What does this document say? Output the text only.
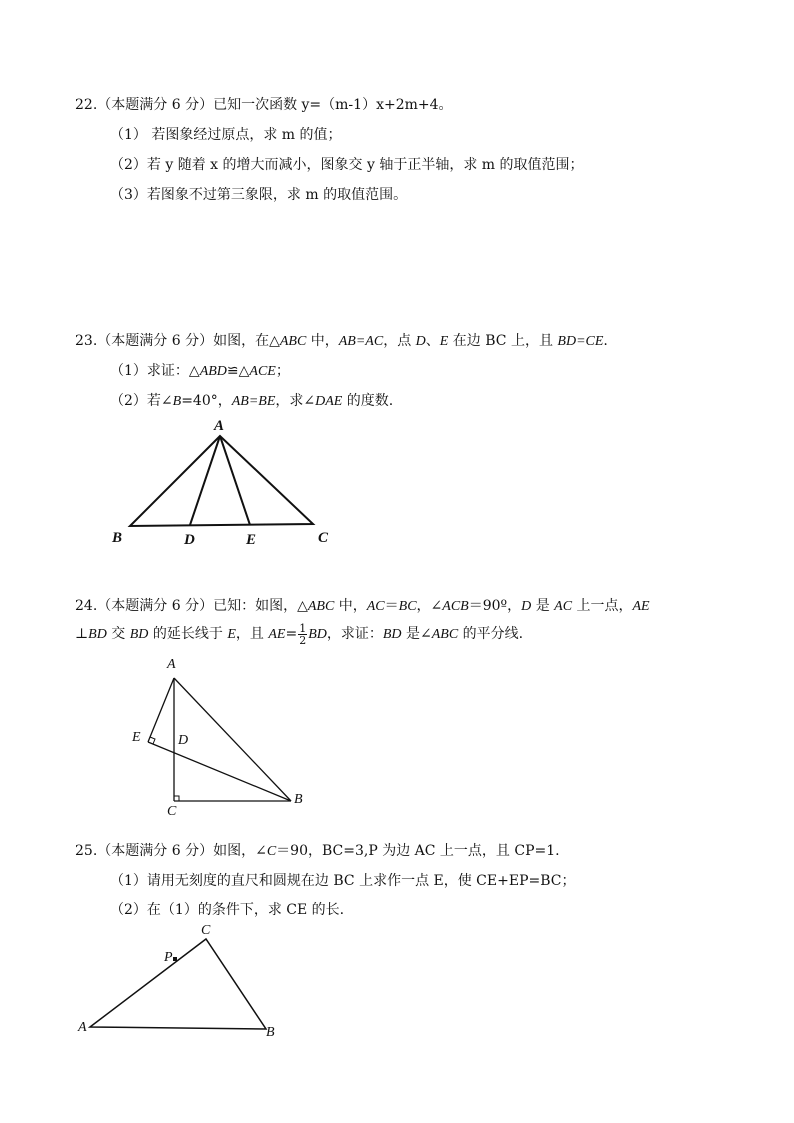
22.（本题满分 6 分）已知一次函数 y=（m-1）x+2m+4。
（1） 若图象经过原点，求 m 的值；
（2）若 y 随着 x 的增大而减小，图象交 y 轴于正半轴，求 m 的取值范围；
（3）若图象不过第三象限，求 m 的取值范围。
23.（本题满分 6 分）如图，在△ABC 中，AB=AC，点 D、E 在边 BC 上，且 BD=CE.
（1）求证：△ABD≌△ACE；
（2）若∠B=40°，AB=BE，求∠DAE 的度数.
A
B	D	E	C
24.（本题满分 6 分）已知：如图，△ABC 中，AC＝BC，∠ACB＝90º，D 是 AC 上一点，AE
⊥BD 交 BD 的延长线于 E，且 $AE= \frac{1}{2}$ BD，求证：BD 是∠ABC 的平分线.
A
E	D
C
B
25.（本题满分 6 分）如图，∠C＝90，BC=3,P 为边 AC 上一点，且 CP=1.
（1）请用无刻度的直尺和圆规在边 BC 上求作一点 E，使 CE+EP=BC；
（2）在（1）的条件下，求 CE 的长.
C
P
A	B
